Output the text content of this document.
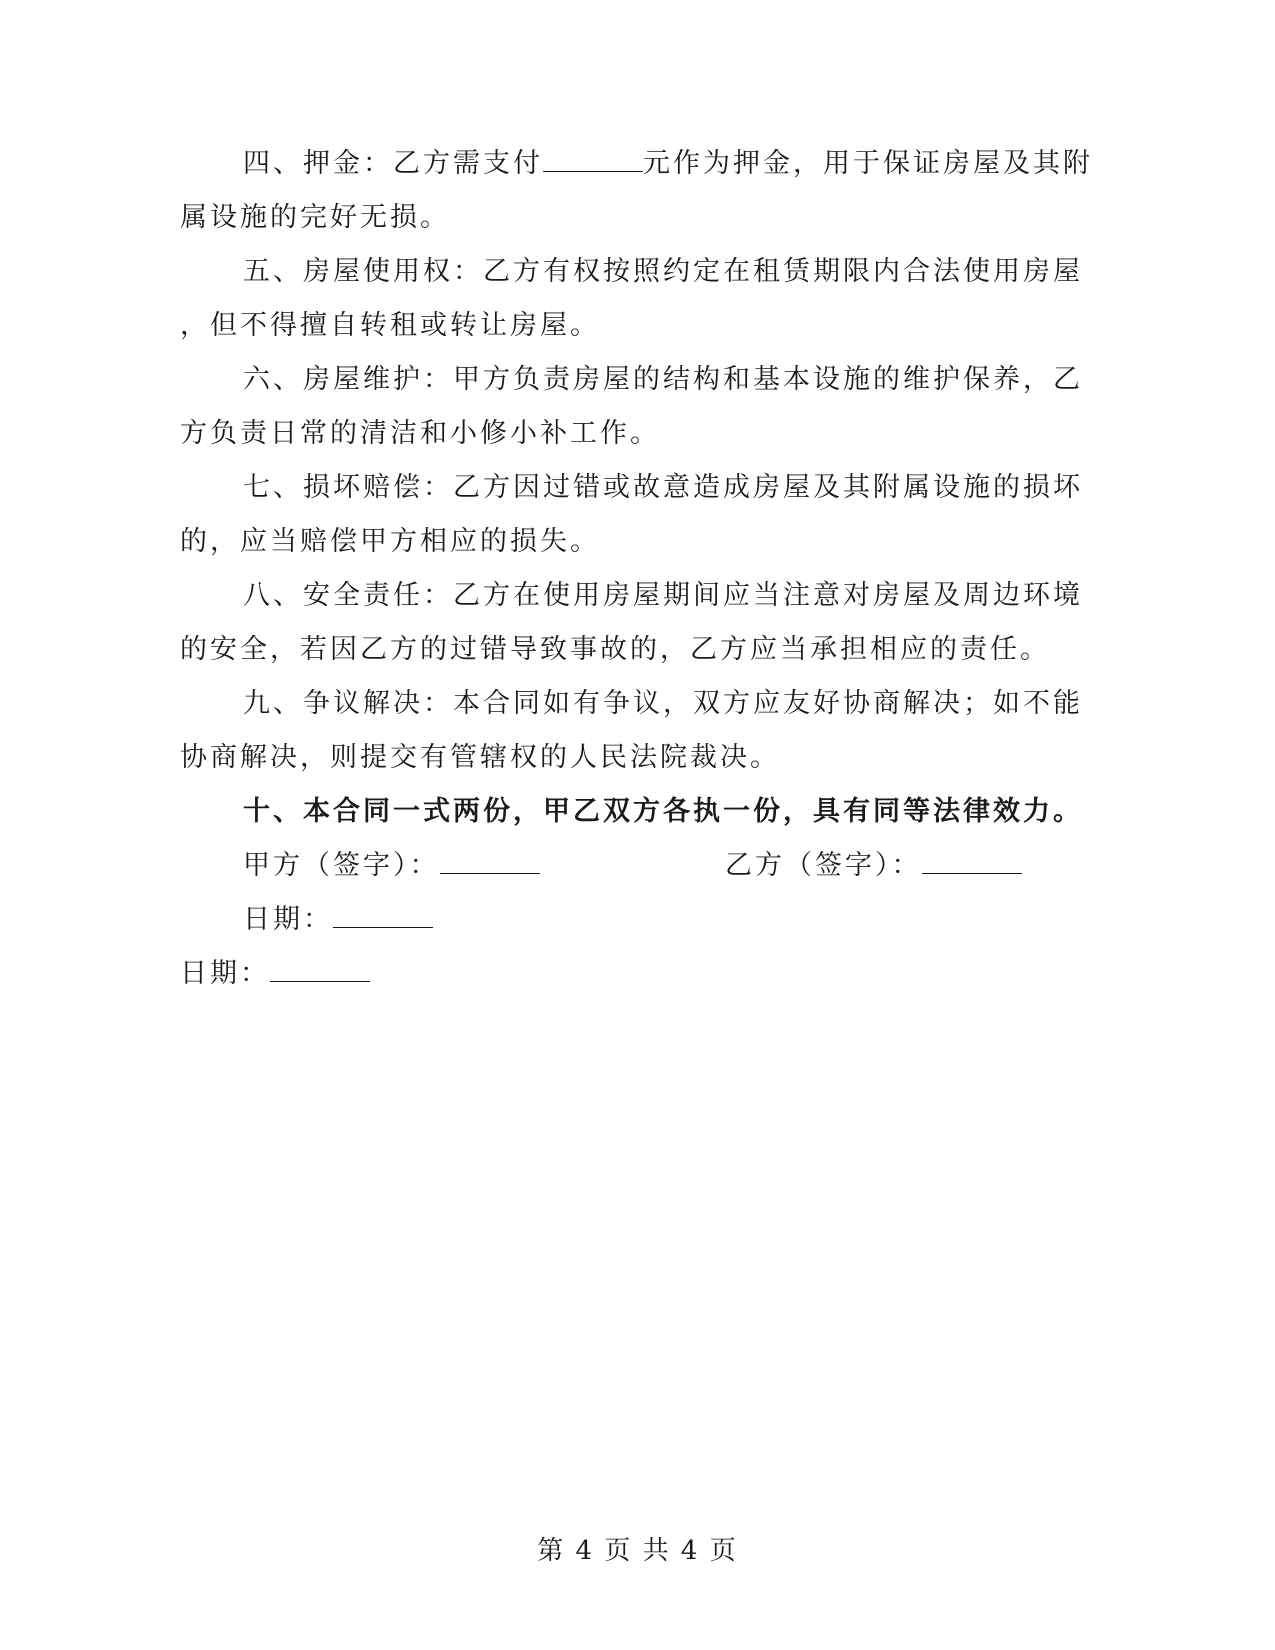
四、押金：乙方需支付	元作为押金，用于保证房屋及其附
属设施的完好无损。
五、房屋使用权：乙方有权按照约定在租赁期限内合法使用房屋
，但不得擅自转租或转让房屋。
六、房屋维护：甲方负责房屋的结构和基本设施的维护保养，乙
方负责日常的清洁和小修小补工作。
七、损坏赔偿：乙方因过错或故意造成房屋及其附属设施的损坏
的，应当赔偿甲方相应的损失。
八、安全责任：乙方在使用房屋期间应当注意对房屋及周边环境
的安全，若因乙方的过错导致事故的，乙方应当承担相应的责任。
九、争议解决：本合同如有争议，双方应友好协商解决；如不能
协商解决，则提交有管辖权的人民法院裁决。
十、本合同一式两份，甲乙双方各执一份，具有同等法律效力。
甲方（签字）：	乙方（签字）：
日期：
日期：
第 4 页 共 4 页
